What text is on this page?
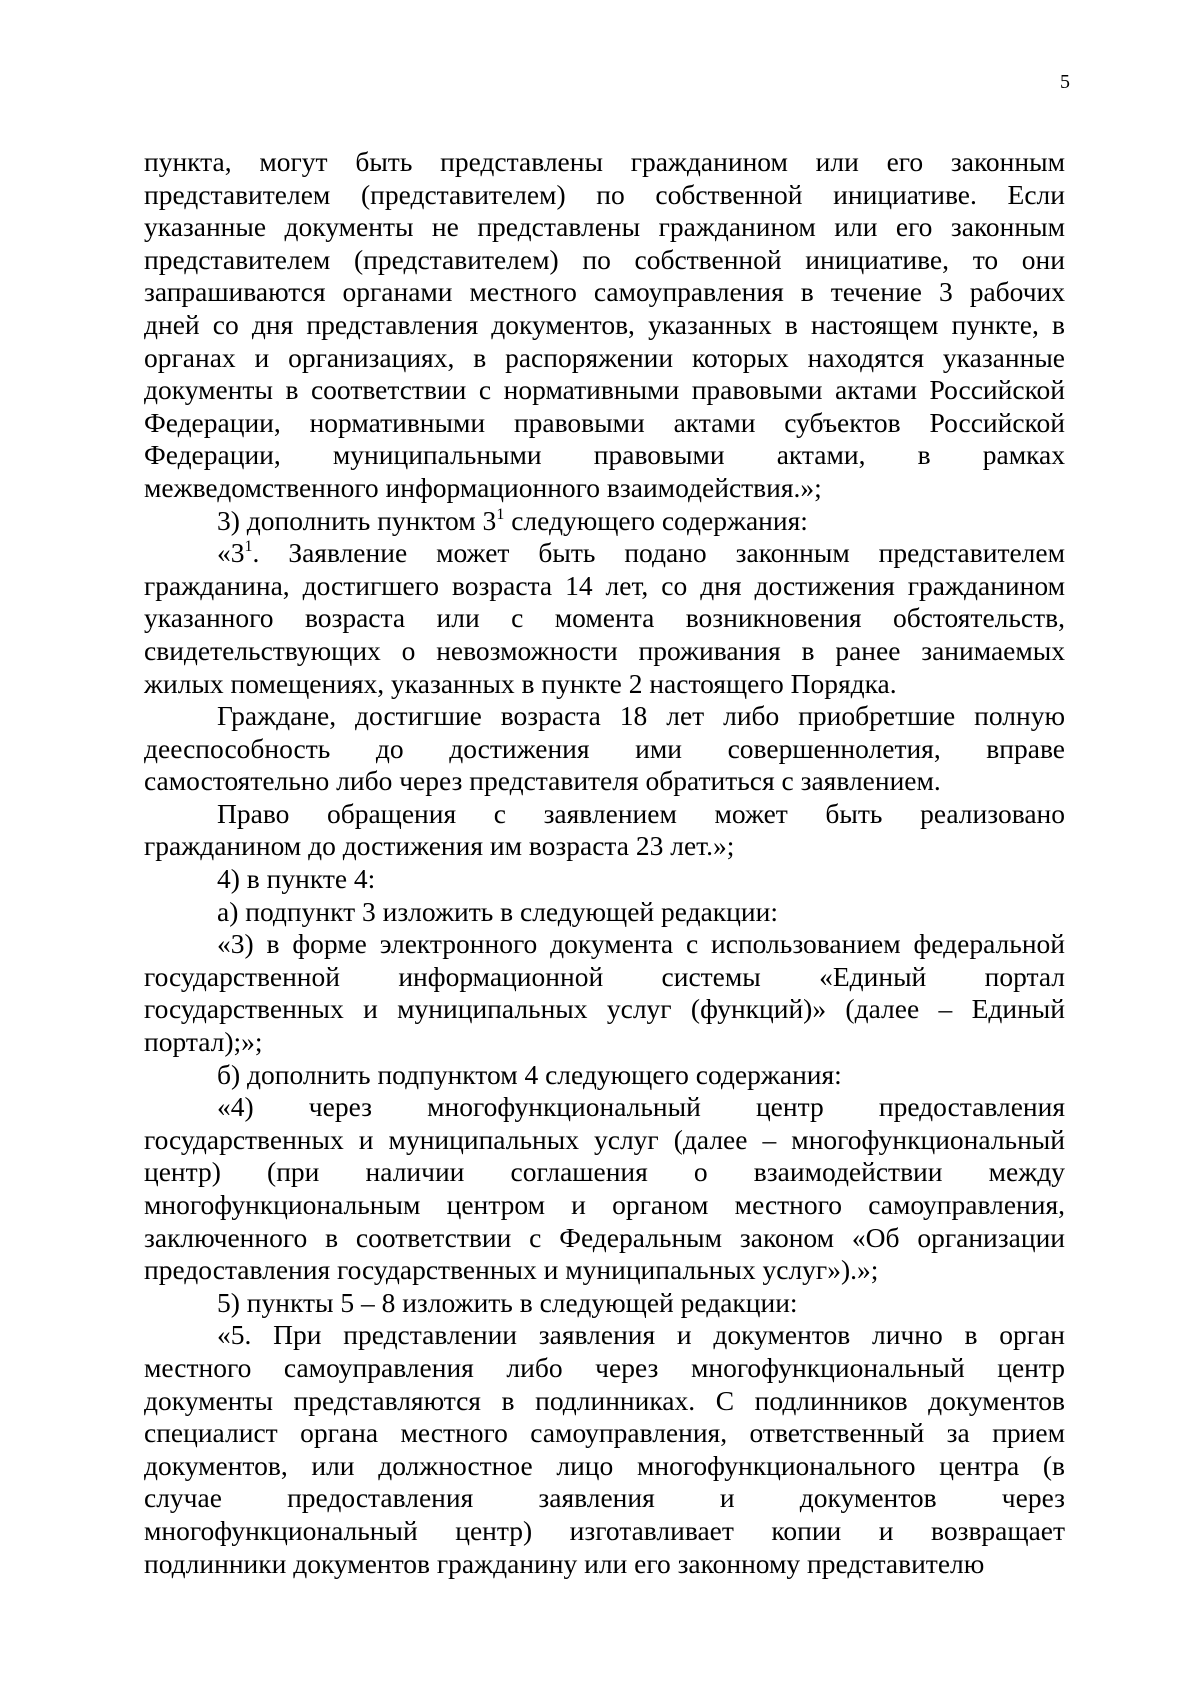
5
пункта, могут быть представлены гражданином или его законным
представителем (представителем) по собственной инициативе. Если
указанные документы не представлены гражданином или его законным
представителем (представителем) по собственной инициативе, то они
запрашиваются органами местного самоуправления в течение 3 рабочих
дней со дня представления документов, указанных в настоящем пункте, в
органах и организациях, в распоряжении которых находятся указанные
документы в соответствии с нормативными правовыми актами Российской
Федерации, нормативными правовыми актами субъектов Российской
Федерации, муниципальными правовыми актами, в рамках
межведомственного информационного взаимодействия.»;
3) дополнить пунктом $3^1$ следующего содержания:
«$3^1$. Заявление может быть подано законным представителем
гражданина, достигшего возраста 14 лет, со дня достижения гражданином
указанного возраста или с момента возникновения обстоятельств,
свидетельствующих о невозможности проживания в ранее занимаемых
жилых помещениях, указанных в пункте 2 настоящего Порядка.
Граждане, достигшие возраста 18 лет либо приобретшие полную
дееспособность до достижения ими совершеннолетия, вправе
самостоятельно либо через представителя обратиться с заявлением.
Право обращения с заявлением может быть реализовано
гражданином до достижения им возраста 23 лет.»;
4) в пункте 4:
а) подпункт 3 изложить в следующей редакции:
«3) в форме электронного документа с использованием федеральной
государственной информационной системы «Единый портал
государственных и муниципальных услуг (функций)» (далее – Единый
портал);»;
б) дополнить подпунктом 4 следующего содержания:
«4) через многофункциональный центр предоставления
государственных и муниципальных услуг (далее – многофункциональный
центр) (при наличии соглашения о взаимодействии между
многофункциональным центром и органом местного самоуправления,
заключенного в соответствии с Федеральным законом «Об организации
предоставления государственных и муниципальных услуг»).»;
5) пункты 5 – 8 изложить в следующей редакции:
«5. При представлении заявления и документов лично в орган
местного самоуправления либо через многофункциональный центр
документы представляются в подлинниках. С подлинников документов
специалист органа местного самоуправления, ответственный за прием
документов, или должностное лицо многофункционального центра (в
случае предоставления заявления и документов через
многофункциональный центр) изготавливает копии и возвращает
подлинники документов гражданину или его законному представителю
